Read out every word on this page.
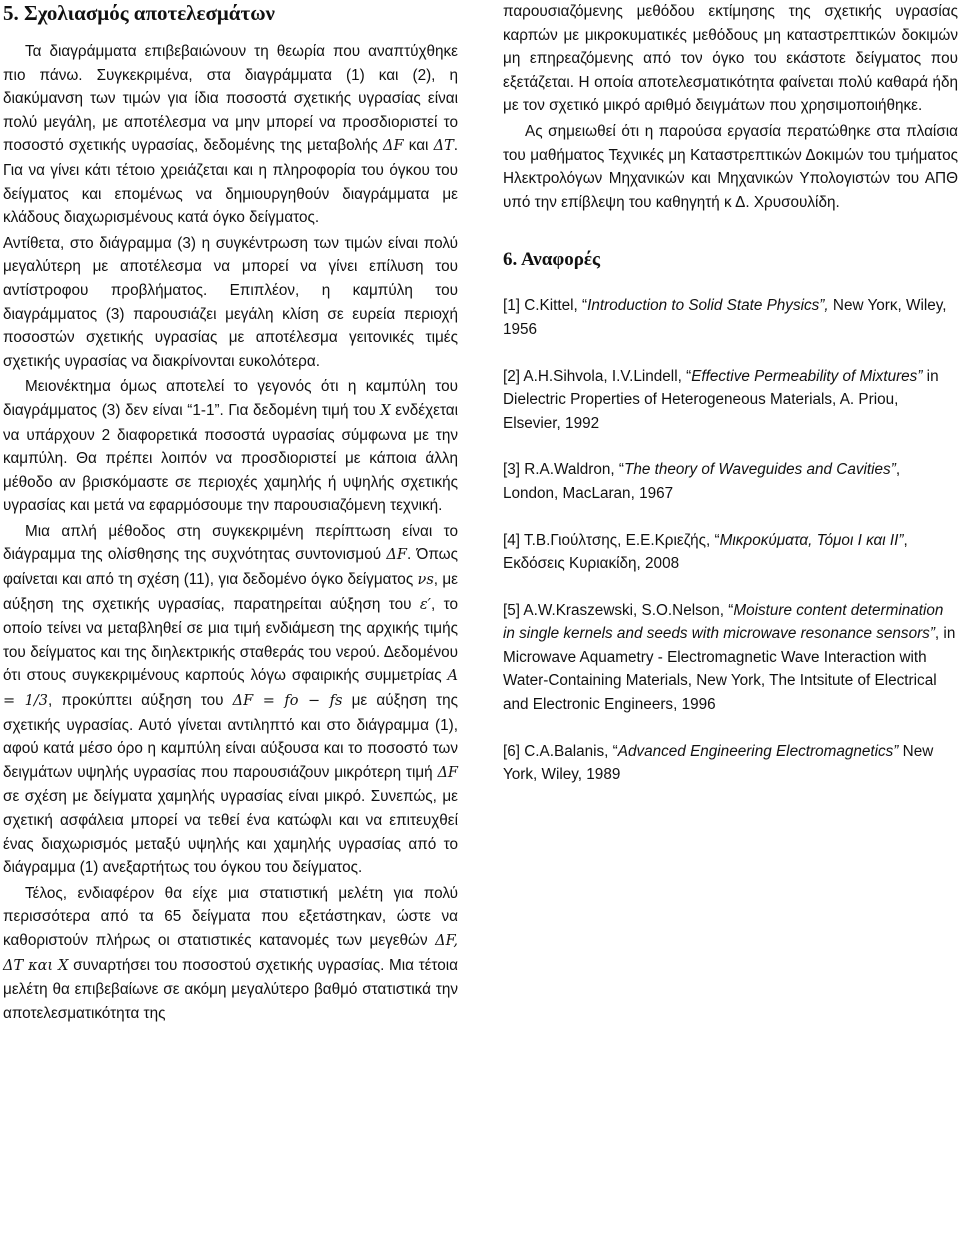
5. Σχολιασμός αποτελεσμάτων

Τα διαγράμματα επιβεβαιώνουν τη θεωρία που αναπτύχθηκε πιο πάνω. Συγκεκριμένα, στα διαγράμματα (1) και (2), η διακύμανση των τιμών για ίδια ποσοστά σχετικής υγρασίας είναι πολύ μεγάλη, με αποτέλεσμα να μην μπορεί να προσδιοριστεί το ποσοστό σχετικής υγρασίας, δεδομένης της μεταβολής ΔF και ΔT. Για να γίνει κάτι τέτοιο χρειάζεται και η πληροφορία του όγκου του δείγματος και επομένως να δημιουργηθούν διαγράμματα με κλάδους διαχωρισμένους κατά όγκο δείγματος.

Αντίθετα, στο διάγραμμα (3) η συγκέντρωση των τιμών είναι πολύ μεγαλύτερη με αποτέλεσμα να μπορεί να γίνει επίλυση του αντίστροφου προβλήματος. Επιπλέον, η καμπύλη του διαγράμματος (3) παρουσιάζει μεγάλη κλίση σε ευρεία περιοχή ποσοστών σχετικής υγρασίας με αποτέλεσμα γειτονικές τιμές σχετικής υγρασίας να διακρίνονται ευκολότερα.

Μειονέκτημα όμως αποτελεί το γεγονός ότι η καμπύλη του διαγράμματος (3) δεν είναι “1-1”. Για δεδομένη τιμή του X ενδέχεται να υπάρχουν 2 διαφορετικά ποσοστά υγρασίας σύμφωνα με την καμπύλη. Θα πρέπει λοιπόν να προσδιοριστεί με κάποια άλλη μέθοδο αν βρισκόμαστε σε περιοχές χαμηλής ή υψηλής σχετικής υγρασίας και μετά να εφαρμόσουμε την παρουσιαζόμενη τεχνική.

Μια απλή μέθοδος στη συγκεκριμένη περίπτωση είναι το διάγραμμα της ολίσθησης της συχνότητας συντονισμού ΔF. Όπως φαίνεται και από τη σχέση (11), για δεδομένο όγκο δείγματος νs, με αύξηση της σχετικής υγρασίας, παρατηρείται αύξηση του ε′, το οποίο τείνει να μεταβληθεί σε μια τιμή ενδιάμεση της αρχικής τιμής του δείγματος και της διηλεκτρικής σταθεράς του νερού. Δεδομένου ότι στους συγκεκριμένους καρπούς λόγω σφαιρικής συμμετρίας A = 1/3, προκύπτει αύξηση του ΔF = fo − fs με αύξηση της σχετικής υγρασίας. Αυτό γίνεται αντιληπτό και στο διάγραμμα (1), αφού κατά μέσο όρο η καμπύλη είναι αύξουσα και το ποσοστό των δειγμάτων υψηλής υγρασίας που παρουσιάζουν μικρότερη τιμή ΔF σε σχέση με δείγματα χαμηλής υγρασίας είναι μικρό. Συνεπώς, με σχετική ασφάλεια μπορεί να τεθεί ένα κατώφλι και να επιτευχθεί ένας διαχωρισμός μεταξύ υψηλής και χαμηλής υγρασίας από το διάγραμμα (1) ανεξαρτήτως του όγκου του δείγματος.

Τέλος, ενδιαφέρον θα είχε μια στατιστική μελέτη για πολύ περισσότερα από τα 65 δείγματα που εξετάστηκαν, ώστε να καθοριστούν πλήρως οι στατιστικές κατανομές των μεγεθών ΔF, ΔT και X συναρτήσει του ποσοστού σχετικής υγρασίας. Μια τέτοια μελέτη θα επιβεβαίωνε σε ακόμη μεγαλύτερο βαθμό στατιστικά την αποτελεσματικότητα της

παρουσιαζόμενης μεθόδου εκτίμησης της σχετικής υγρασίας καρπών με μικροκυματικές μεθόδους μη καταστρεπτικών δοκιμών μη επηρεαζόμενης από τον όγκο του εκάστοτε δείγματος που εξετάζεται. Η οποία αποτελεσματικότητα φαίνεται πολύ καθαρά ήδη με τον σχετικό μικρό αριθμό δειγμάτων που χρησιμοποιήθηκε.

Ας σημειωθεί ότι η παρούσα εργασία περατώθηκε στα πλαίσια του μαθήματος Τεχνικές μη Καταστρεπτικών Δοκιμών του τμήματος Ηλεκτρολόγων Μηχανικών και Μηχανικών Υπολογιστών του ΑΠΘ υπό την επίβλεψη του καθηγητή κ Δ. Χρυσουλίδη.

6. Αναφορές

[1] C.Kittel, “Introduction to Solid State Physics”, New Yorκ, Wiley, 1956

[2] A.H.Sihvola, I.V.Lindell, “Effective Permeability of Mixtures” in Dielectric Properties of Heterogeneous Materials, A. Priou, Elsevier, 1992

[3] R.A.Waldron, “The theory of Waveguides and Cavities”, London, MacLaran, 1967

[4] T.B.Γιούλτσης, Ε.Ε.Κριεζής, “Μικροκύματα, Τόμοι Ι και ΙΙ”, Εκδόσεις Κυριακίδη, 2008

[5] A.W.Kraszewski, S.O.Nelson, “Moisture content determination in single kernels and seeds with microwave resonance sensors”, in Microwave Aquametry - Electromagnetic Wave Interaction with Water-Containing Materials, New York, The Intsitute of Electrical and Electronic Engineers, 1996

[6] C.A.Balanis, “Advanced Engineering Electromagnetics” New York, Wiley, 1989
